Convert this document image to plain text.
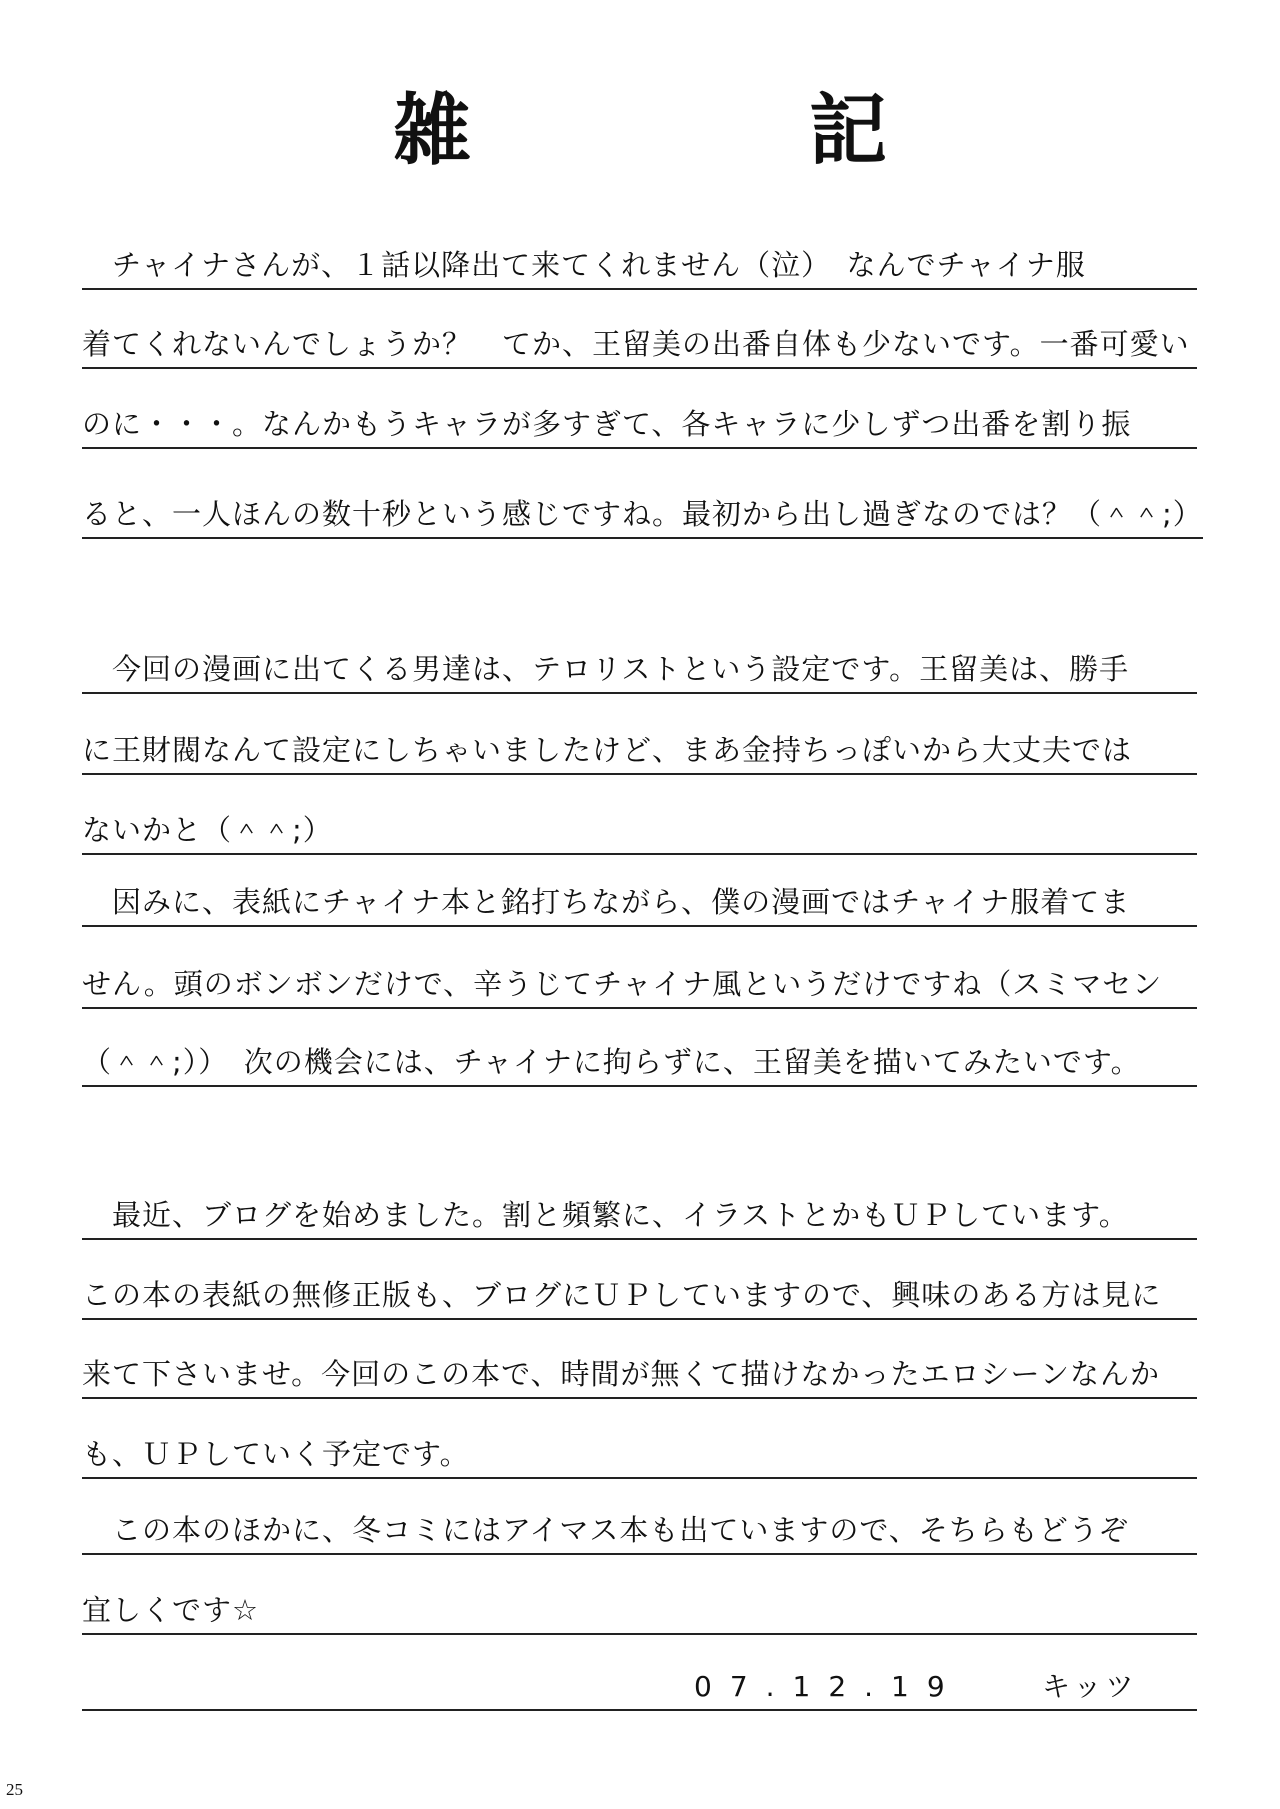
雑　記
　チャイナさんが、１話以降出て来てくれません（泣）　なんでチャイナ服
着てくれないんでしょうか？　てか、王留美の出番自体も少ないです。一番可愛い
のに・・・。なんかもうキャラが多すぎて、各キャラに少しずつ出番を割り振
ると、一人ほんの数十秒という感じですね。最初から出し過ぎなのでは？（＾＾;）
　今回の漫画に出てくる男達は、テロリストという設定です。王留美は、勝手
に王財閥なんて設定にしちゃいましたけど、まあ金持ちっぽいから大丈夫では
ないかと（＾＾;）
　因みに、表紙にチャイナ本と銘打ちながら、僕の漫画ではチャイナ服着てま
せん。頭のボンボンだけで、辛うじてチャイナ風というだけですね（スミマセン
（＾＾;））　次の機会には、チャイナに拘らずに、王留美を描いてみたいです。
　最近、ブログを始めました。割と頻繁に、イラストとかもＵＰしています。
この本の表紙の無修正版も、ブログにＵＰしていますので、興味のある方は見に
来て下さいませ。今回のこの本で、時間が無くて描けなかったエロシーンなんか
も、ＵＰしていく予定です。
　この本のほかに、冬コミにはアイマス本も出ていますので、そちらもどうぞ
宜しくです☆
07.12.19	キッツ
25
